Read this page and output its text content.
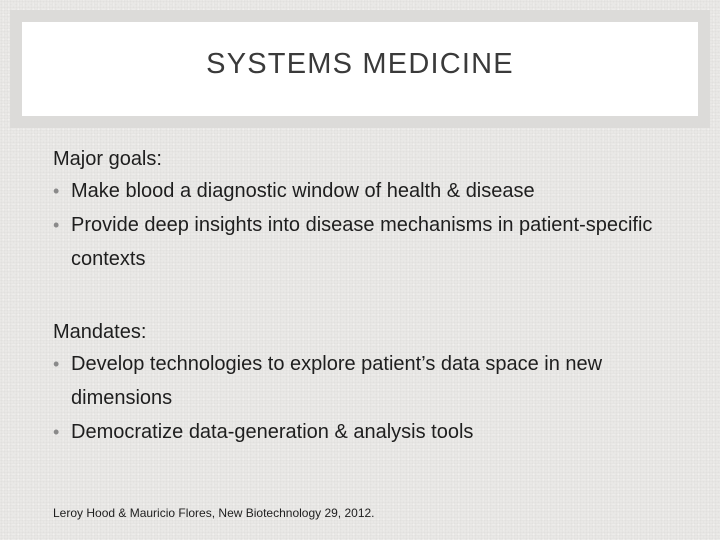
SYSTEMS MEDICINE

Major goals:

• Make blood a diagnostic window of health & disease
• Provide deep insights into disease mechanisms in patient-specific contexts

Mandates:

• Develop technologies to explore patient’s data space in new dimensions
• Democratize data-generation & analysis tools
Leroy Hood & Mauricio Flores, New Biotechnology 29, 2012.
